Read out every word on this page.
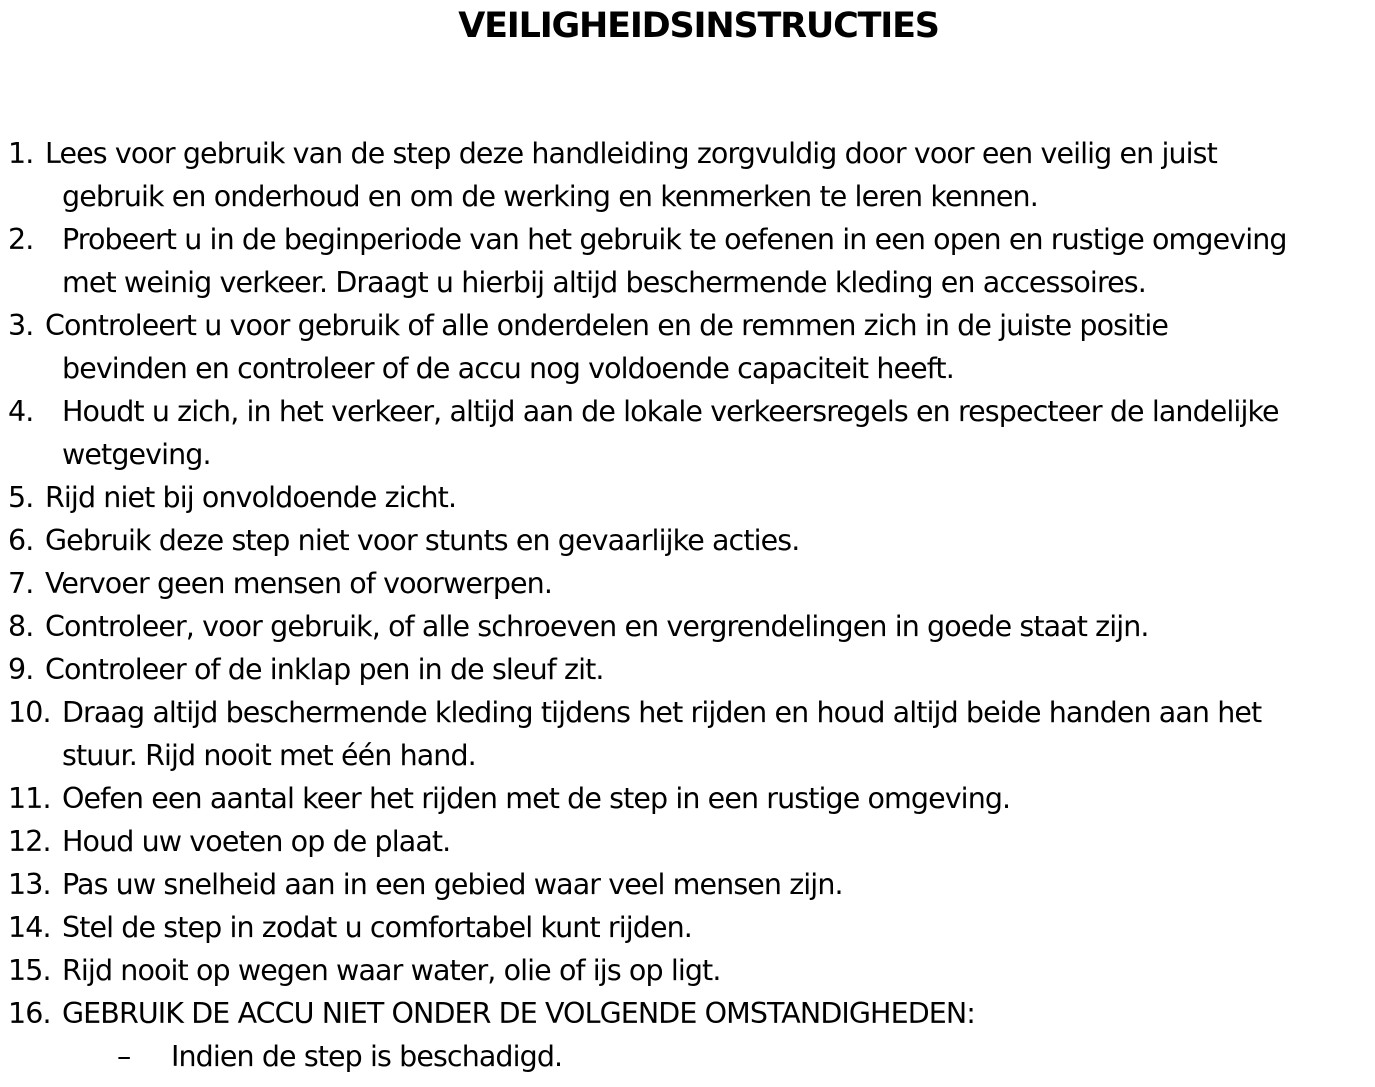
VEILIGHEIDSINSTRUCTIES
1. Lees voor gebruik van de step deze handleiding zorgvuldig door voor een veilig en juist
gebruik en onderhoud en om de werking en kenmerken te leren kennen.
2. Probeert u in de beginperiode van het gebruik te oefenen in een open en rustige omgeving
met weinig verkeer. Draagt u hierbij altijd beschermende kleding en accessoires.
3. Controleert u voor gebruik of alle onderdelen en de remmen zich in de juiste positie
bevinden en controleer of de accu nog voldoende capaciteit heeft.
4. Houdt u zich, in het verkeer, altijd aan de lokale verkeersregels en respecteer de landelijke
wetgeving.
5. Rijd niet bij onvoldoende zicht.
6. Gebruik deze step niet voor stunts en gevaarlijke acties.
7. Vervoer geen mensen of voorwerpen.
8. Controleer, voor gebruik, of alle schroeven en vergrendelingen in goede staat zijn.
9. Controleer of de inklap pen in de sleuf zit.
10. Draag altijd beschermende kleding tijdens het rijden en houd altijd beide handen aan het
stuur. Rijd nooit met één hand.
11. Oefen een aantal keer het rijden met de step in een rustige omgeving.
12. Houd uw voeten op de plaat.
13. Pas uw snelheid aan in een gebied waar veel mensen zijn.
14. Stel de step in zodat u comfortabel kunt rijden.
15. Rijd nooit op wegen waar water, olie of ijs op ligt.
16. GEBRUIK DE ACCU NIET ONDER DE VOLGENDE OMSTANDIGHEDEN:
– Indien de step is beschadigd.
